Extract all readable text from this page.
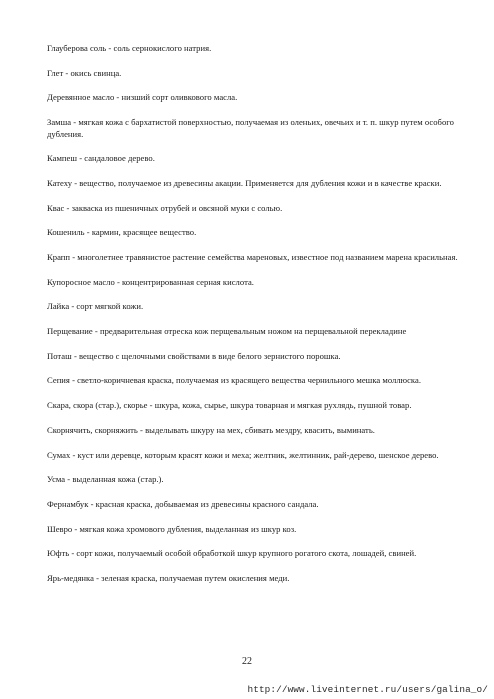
Глауберова соль - соль сернокислого натрия.

Глет - окись свинца.

Деревянное масло - низший сорт оливкового масла.

Замша - мягкая кожа с бархатистой поверхностью, получаемая из оленьих, овечьих и т. п. шкур путем особого дубления.

Кампеш - сандаловое дерево.

Катеху - вещество, получаемое из древесины акации. Применяется для дубления кожи и в качестве краски.

Квас - закваска из пшеничных отрубей и овсяной муки с солью.

Кошениль - кармин, красящее вещество.

Крапп - многолетнее травянистое растение семейства мареновых, известное под названием марена красильная.

Купоросное масло - концентрированная серная кислота.

Лайка - сорт мягкой кожи.

Перщевание - предварительная отреска кож перщевальным ножом на перщевальной перекладине

Поташ - вещество с щелочными свойствами в виде белого зернистого порошка.

Сепия - светло-коричневая краска, получаемая из красящего вещества чернильного мешка моллюска.

Скара, скора (стар.), скорье - шкура, кожа, сырье, шкура товарная и мягкая рухлядь, пушной товар.

Скорнячить, скорняжить - выделывать шкуру на мех, сбивать мездру, квасить, выминать.

Сумах - куст или деревце, которым красят кожи и меха; желтник, желтинник, рай-дерево, шенское дерево.

Усма - выделанная кожа (стар.).

Фернамбук - красная краска, добываемая из древесины красного сандала.

Шевро - мягкая кожа хромового дубления, выделанная из шкур коз.

Юфть - сорт кожи, получаемый особой обработкой шкур крупного рогатого скота, лошадей, свиней.

Ярь-медянка - зеленая краска, получаемая путем окисления меди.

22
http://www.liveinternet.ru/users/galina_o/
